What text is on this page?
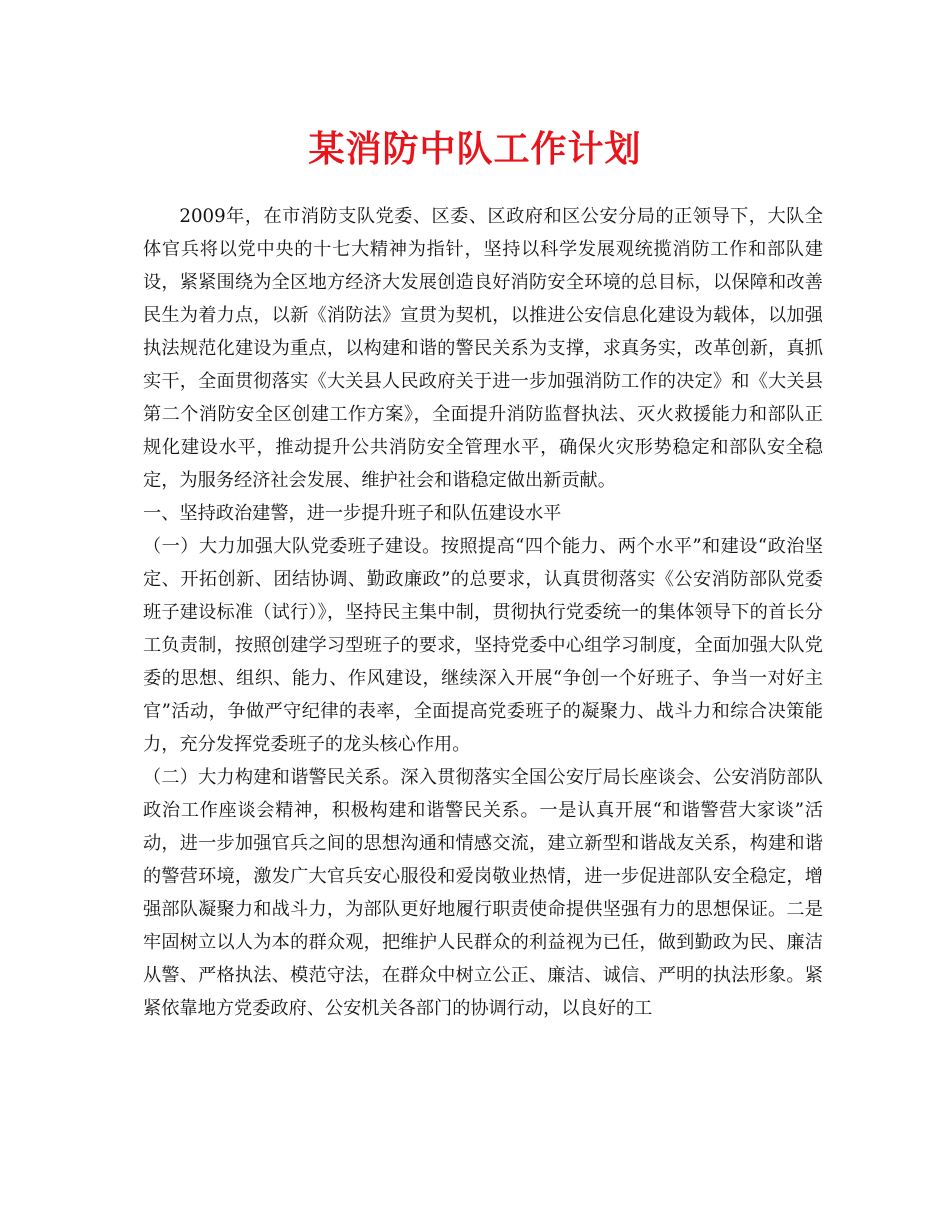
某消防中队工作计划

2009年，在市消防支队党委、区委、区政府和区公安分局的正领导下，大队全体官兵将以党中央的十七大精神为指针，坚持以科学发展观统揽消防工作和部队建设，紧紧围绕为全区地方经济大发展创造良好消防安全环境的总目标，以保障和改善民生为着力点，以新《消防法》宣贯为契机，以推进公安信息化建设为载体，以加强执法规范化建设为重点，以构建和谐的警民关系为支撑，求真务实，改革创新，真抓实干，全面贯彻落实《大关县人民政府关于进一步加强消防工作的决定》和《大关县第二个消防安全区创建工作方案》，全面提升消防监督执法、灭火救援能力和部队正规化建设水平，推动提升公共消防安全管理水平，确保火灾形势稳定和部队安全稳定，为服务经济社会发展、维护社会和谐稳定做出新贡献。

一、坚持政治建警，进一步提升班子和队伍建设水平

（一）大力加强大队党委班子建设。按照提高“四个能力、两个水平”和建设“政治坚定、开拓创新、团结协调、勤政廉政”的总要求，认真贯彻落实《公安消防部队党委班子建设标准（试行）》，坚持民主集中制，贯彻执行党委统一的集体领导下的首长分工负责制，按照创建学习型班子的要求，坚持党委中心组学习制度，全面加强大队党委的思想、组织、能力、作风建设，继续深入开展“争创一个好班子、争当一对好主官”活动，争做严守纪律的表率，全面提高党委班子的凝聚力、战斗力和综合决策能力，充分发挥党委班子的龙头核心作用。

（二）大力构建和谐警民关系。深入贯彻落实全国公安厅局长座谈会、公安消防部队政治工作座谈会精神，积极构建和谐警民关系。一是认真开展“和谐警营大家谈”活动，进一步加强官兵之间的思想沟通和情感交流，建立新型和谐战友关系，构建和谐的警营环境，激发广大官兵安心服役和爱岗敬业热情，进一步促进部队安全稳定，增强部队凝聚力和战斗力，为部队更好地履行职责使命提供坚强有力的思想保证。二是牢固树立以人为本的群众观，把维护人民群众的利益视为已任，做到勤政为民、廉洁从警、严格执法、模范守法，在群众中树立公正、廉洁、诚信、严明的执法形象。紧紧依靠地方党委政府、公安机关各部门的协调行动，以良好的工
